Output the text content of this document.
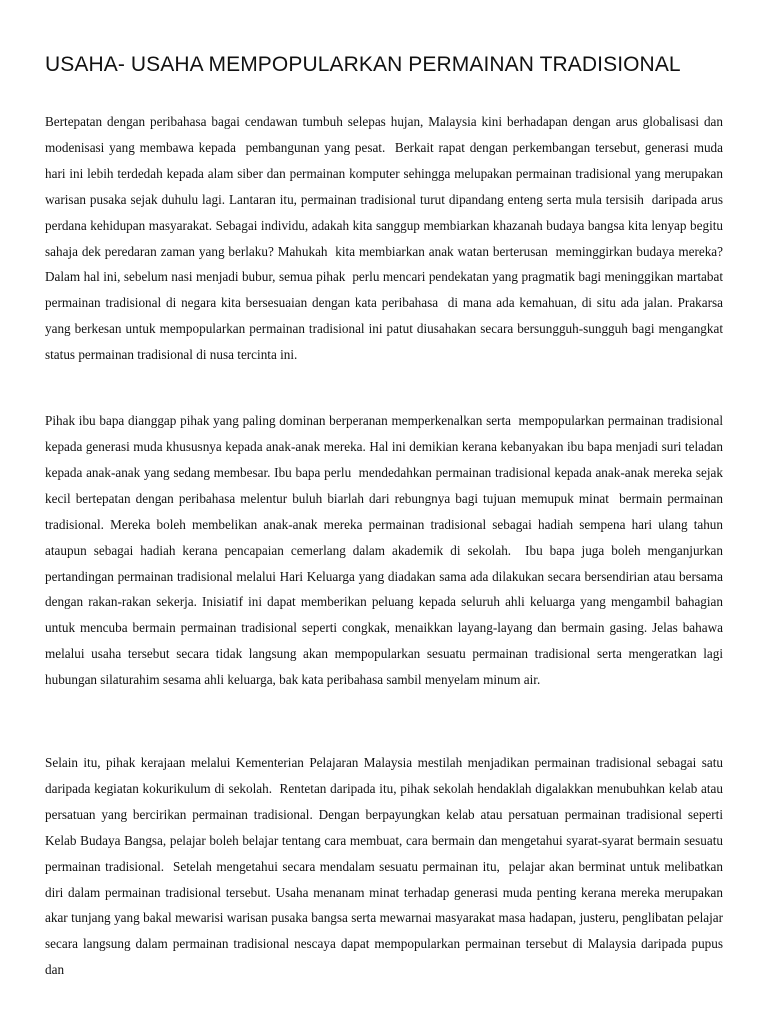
USAHA- USAHA MEMPOPULARKAN PERMAINAN TRADISIONAL

Bertepatan dengan peribahasa bagai cendawan tumbuh selepas hujan, Malaysia kini berhadapan dengan arus globalisasi dan modenisasi yang membawa kepada  pembangunan yang pesat.  Berkait rapat dengan perkembangan tersebut, generasi muda hari ini lebih terdedah kepada alam siber dan permainan komputer sehingga melupakan permainan tradisional yang merupakan warisan pusaka sejak duhulu lagi. Lantaran itu, permainan tradisional turut dipandang enteng serta mula tersisih  daripada arus perdana kehidupan masyarakat. Sebagai individu, adakah kita sanggup membiarkan khazanah budaya bangsa kita lenyap begitu sahaja dek peredaran zaman yang berlaku? Mahukah  kita membiarkan anak watan berterusan  meminggirkan budaya mereka? Dalam hal ini, sebelum nasi menjadi bubur, semua pihak  perlu mencari pendekatan yang pragmatik bagi meninggikan martabat permainan tradisional di negara kita bersesuaian dengan kata peribahasa  di mana ada kemahuan, di situ ada jalan. Prakarsa yang berkesan untuk mempopularkan permainan tradisional ini patut diusahakan secara bersungguh-sungguh bagi mengangkat status permainan tradisional di nusa tercinta ini.

Pihak ibu bapa dianggap pihak yang paling dominan berperanan memperkenalkan serta  mempopularkan permainan tradisional kepada generasi muda khususnya kepada anak-anak mereka. Hal ini demikian kerana kebanyakan ibu bapa menjadi suri teladan kepada anak-anak yang sedang membesar. Ibu bapa perlu  mendedahkan permainan tradisional kepada anak-anak mereka sejak kecil bertepatan dengan peribahasa melentur buluh biarlah dari rebungnya bagi tujuan memupuk minat  bermain permainan tradisional. Mereka boleh membelikan anak-anak mereka permainan tradisional sebagai hadiah sempena hari ulang tahun  ataupun sebagai hadiah kerana pencapaian cemerlang dalam akademik di sekolah.  Ibu bapa juga boleh menganjurkan pertandingan permainan tradisional melalui Hari Keluarga yang diadakan sama ada dilakukan secara bersendirian atau bersama dengan rakan-rakan sekerja. Inisiatif ini dapat memberikan peluang kepada seluruh ahli keluarga yang mengambil bahagian untuk mencuba bermain permainan tradisional seperti congkak, menaikkan layang-layang dan bermain gasing. Jelas bahawa melalui usaha tersebut secara tidak langsung akan mempopularkan sesuatu permainan tradisional serta mengeratkan lagi hubungan silaturahim sesama ahli keluarga, bak kata peribahasa sambil menyelam minum air.

Selain itu, pihak kerajaan melalui Kementerian Pelajaran Malaysia mestilah menjadikan permainan tradisional sebagai satu daripada kegiatan kokurikulum di sekolah.  Rentetan daripada itu, pihak sekolah hendaklah digalakkan menubuhkan kelab atau persatuan yang bercirikan permainan tradisional. Dengan berpayungkan kelab atau persatuan permainan tradisional seperti Kelab Budaya Bangsa, pelajar boleh belajar tentang cara membuat, cara bermain dan mengetahui syarat-syarat bermain sesuatu permainan tradisional.  Setelah mengetahui secara mendalam sesuatu permainan itu,  pelajar akan berminat untuk melibatkan diri dalam permainan tradisional tersebut. Usaha menanam minat terhadap generasi muda penting kerana mereka merupakan akar tunjang yang bakal mewarisi warisan pusaka bangsa serta mewarnai masyarakat masa hadapan, justeru, penglibatan pelajar secara langsung dalam permainan tradisional nescaya dapat mempopularkan permainan tersebut di Malaysia daripada pupus dan
